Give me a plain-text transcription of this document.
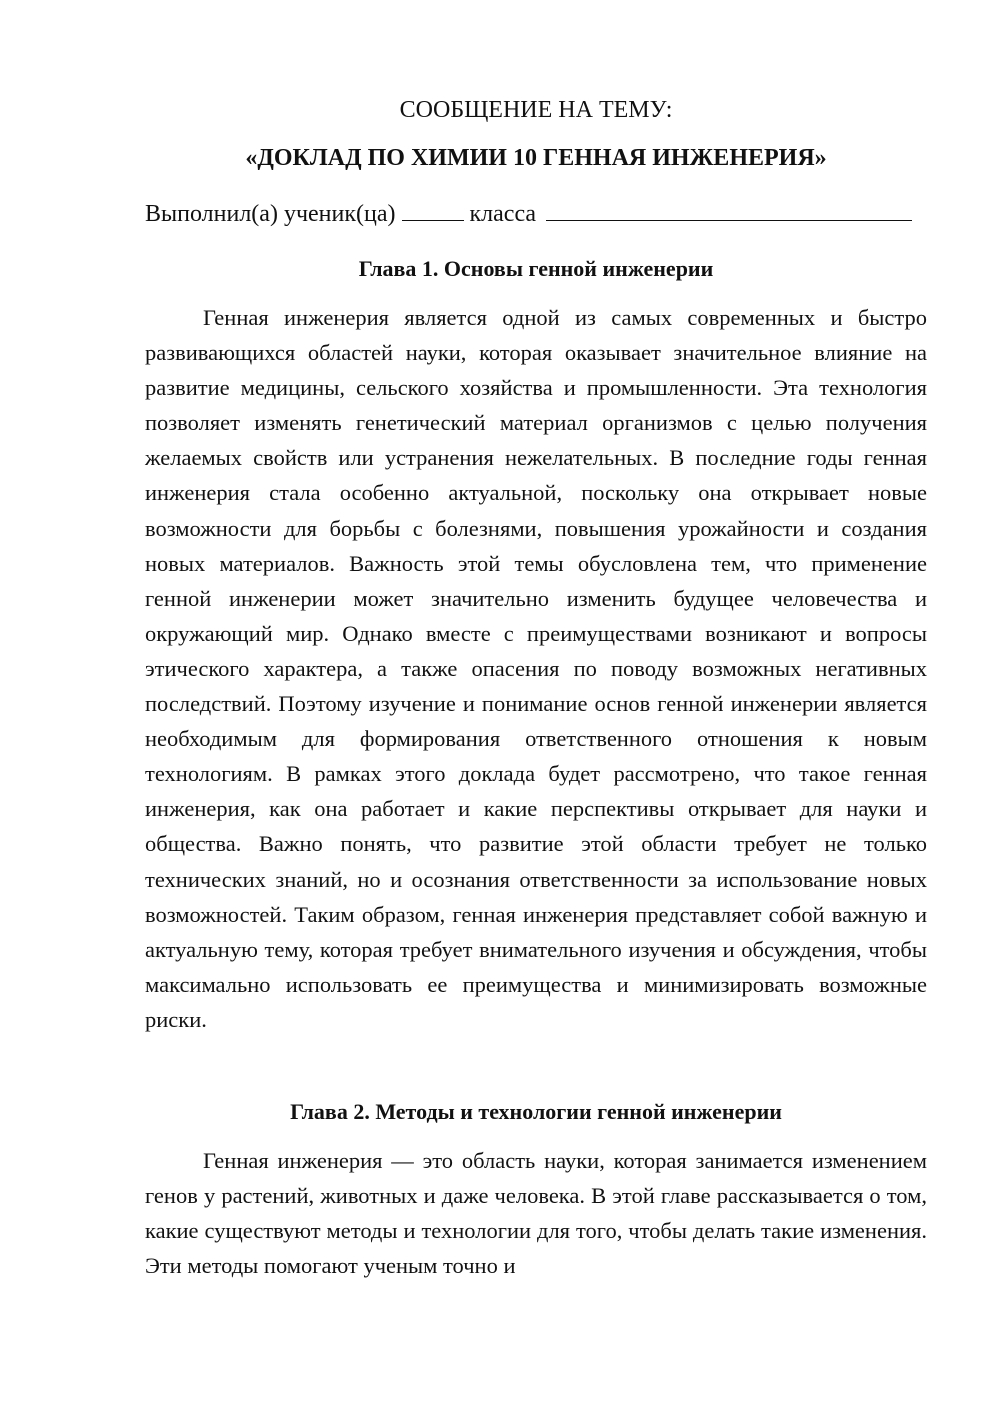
СООБЩЕНИЕ НА ТЕМУ:

«ДОКЛАД ПО ХИМИИ 10 ГЕННАЯ ИНЖЕНЕРИЯ»

Выполнил(а) ученик(ца)	класса
Глава 1. Основы генной инженерии

Генная инженерия является одной из самых современных и быстро развивающихся областей науки, которая оказывает значительное влияние на развитие медицины, сельского хозяйства и промышленности. Эта технология позволяет изменять генетический материал организмов с целью получения желаемых свойств или устранения нежелательных. В последние годы генная инженерия стала особенно актуальной, поскольку она открывает новые возможности для борьбы с болезнями, повышения урожайности и создания новых материалов. Важность этой темы обусловлена тем, что применение генной инженерии может значительно изменить будущее человечества и окружающий мир. Однако вместе с преимуществами возникают и вопросы этического характера, а также опасения по поводу возможных негативных последствий. Поэтому изучение и понимание основ генной инженерии является необходимым для формирования ответственного отношения к новым технологиям. В рамках этого доклада будет рассмотрено, что такое генная инженерия, как она работает и какие перспективы открывает для науки и общества. Важно понять, что развитие этой области требует не только технических знаний, но и осознания ответственности за использование новых возможностей. Таким образом, генная инженерия представляет собой важную и актуальную тему, которая требует внимательного изучения и обсуждения, чтобы максимально использовать ее преимущества и минимизировать возможные риски.

Глава 2. Методы и технологии генной инженерии

Генная инженерия — это область науки, которая занимается изменением генов у растений, животных и даже человека. В этой главе рассказывается о том, какие существуют методы и технологии для того, чтобы делать такие изменения. Эти методы помогают ученым точно и
